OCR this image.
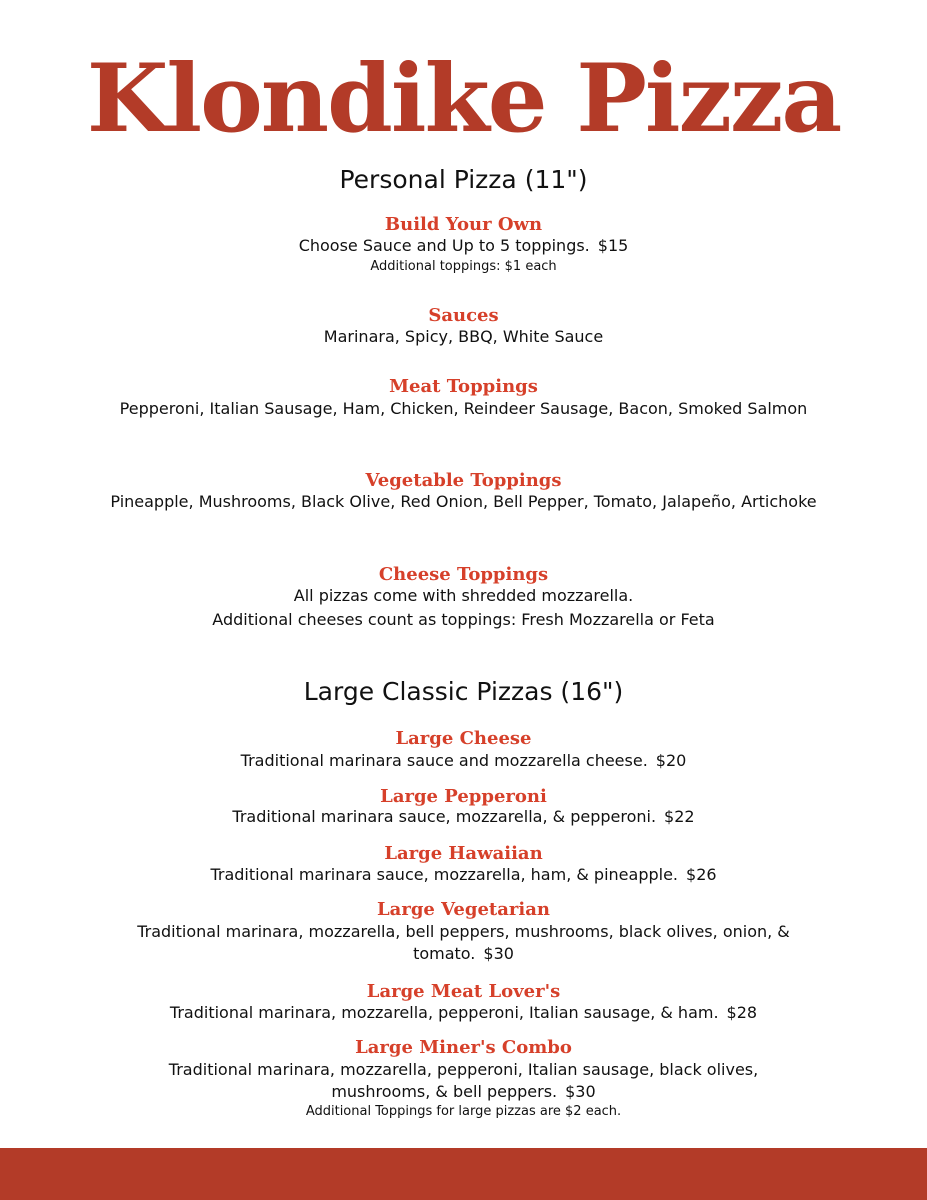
Klondike Pizza
Personal Pizza (11")
Build Your Own
Choose Sauce and Up to 5 toppings. $15
Additional toppings: $1 each
Sauces
Marinara, Spicy, BBQ, White Sauce
Meat Toppings
Pepperoni, Italian Sausage, Ham, Chicken, Reindeer Sausage, Bacon, Smoked Salmon
Vegetable Toppings
Pineapple, Mushrooms, Black Olive, Red Onion, Bell Pepper, Tomato, Jalapeño, Artichoke
Cheese Toppings
All pizzas come with shredded mozzarella.
Additional cheeses count as toppings: Fresh Mozzarella or Feta
Large Classic Pizzas (16")
Large Cheese
Traditional marinara sauce and mozzarella cheese. $20
Large Pepperoni
Traditional marinara sauce, mozzarella, & pepperoni. $22
Large Hawaiian
Traditional marinara sauce, mozzarella, ham, & pineapple. $26
Large Vegetarian
Traditional marinara, mozzarella, bell peppers, mushrooms, black olives, onion, & tomato. $30
Large Meat Lover's
Traditional marinara, mozzarella, pepperoni, Italian sausage, & ham. $28
Large Miner's Combo
Traditional marinara, mozzarella, pepperoni, Italian sausage, black olives, mushrooms, & bell peppers. $30
Additional Toppings for large pizzas are $2 each.
